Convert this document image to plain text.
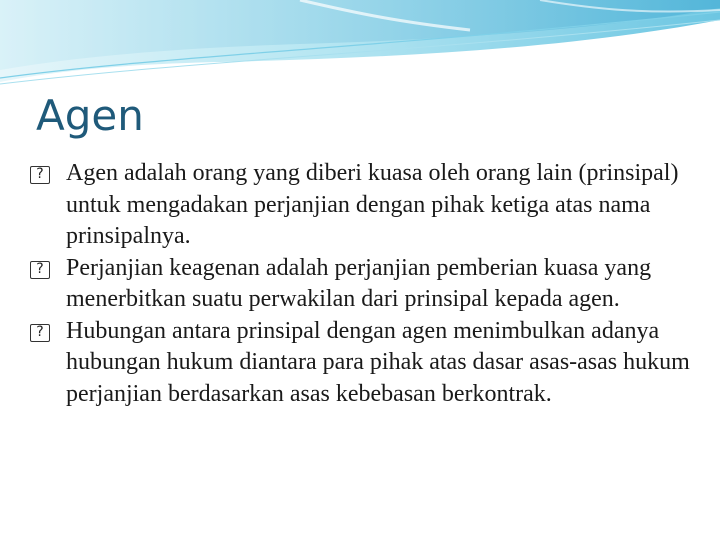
Agen
? Agen adalah orang yang diberi kuasa oleh orang lain (prinsipal) untuk mengadakan perjanjian dengan pihak ketiga atas nama prinsipalnya.
? Perjanjian keagenan adalah perjanjian pemberian kuasa yang menerbitkan suatu perwakilan dari prinsipal kepada agen.
? Hubungan antara prinsipal dengan agen menimbulkan adanya hubungan hukum diantara para pihak atas dasar asas-asas hukum perjanjian berdasarkan asas kebebasan berkontrak.
